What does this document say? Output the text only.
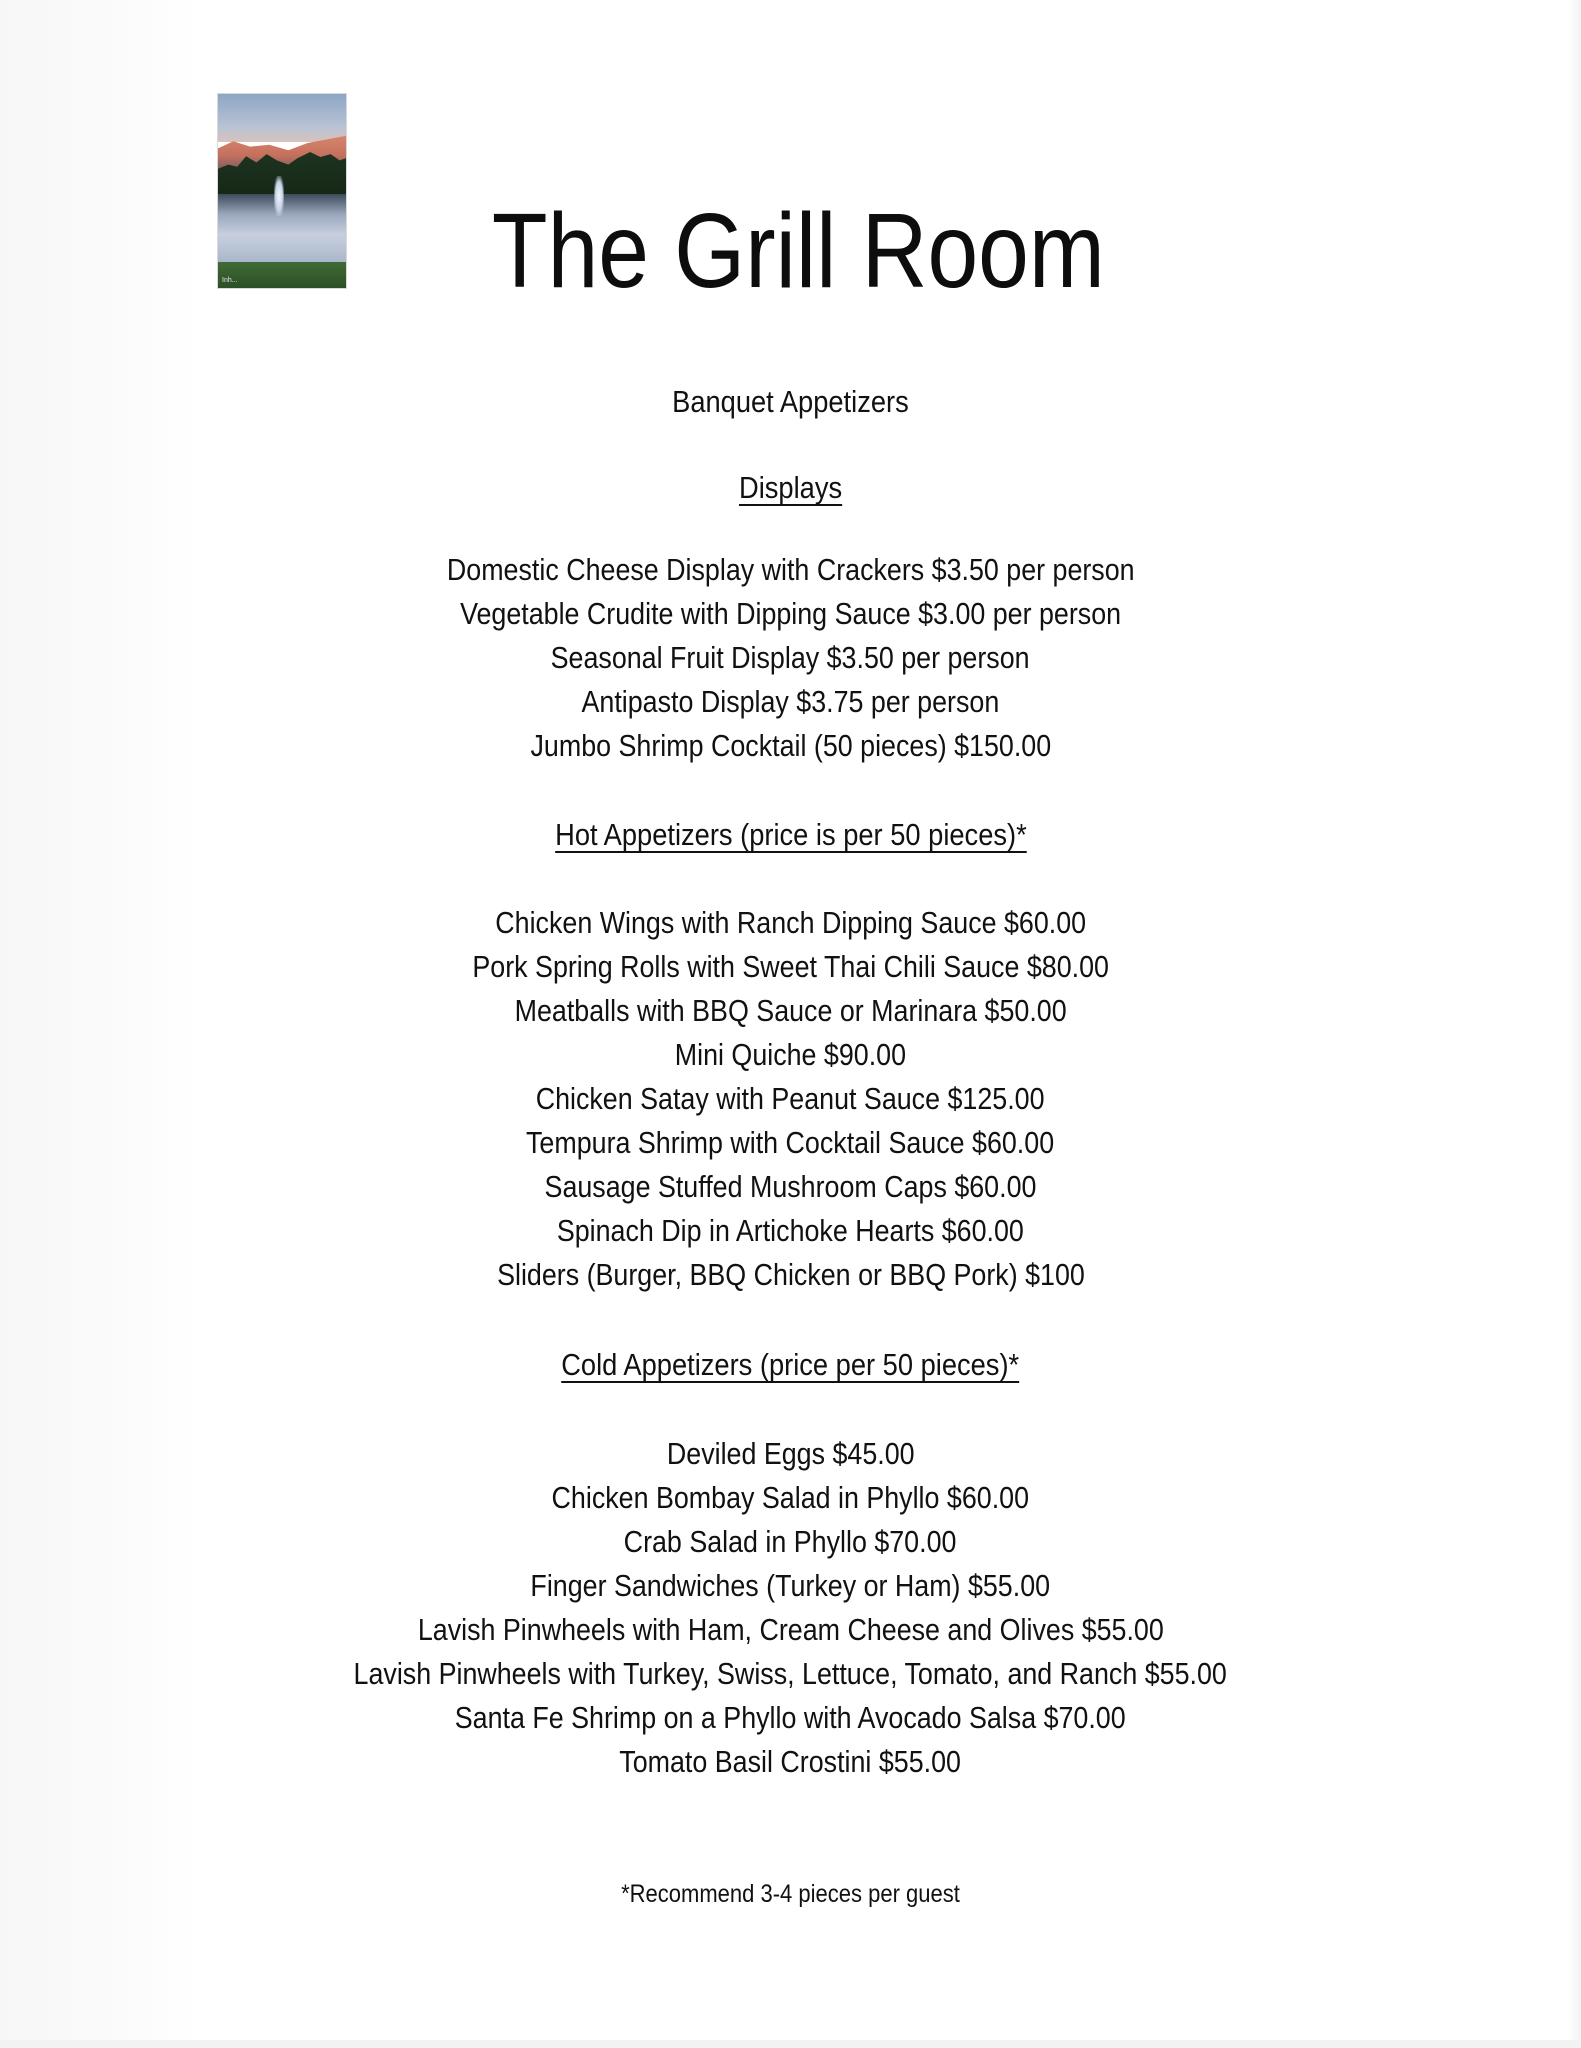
Inh...	The Grill Room
Banquet Appetizers
Displays
Domestic Cheese Display with Crackers $3.50 per person
Vegetable Crudite with Dipping Sauce $3.00 per person
Seasonal Fruit Display $3.50 per person
Antipasto Display $3.75 per person
Jumbo Shrimp Cocktail (50 pieces) $150.00
Hot Appetizers (price is per 50 pieces)*
Chicken Wings with Ranch Dipping Sauce $60.00
Pork Spring Rolls with Sweet Thai Chili Sauce $80.00
Meatballs with BBQ Sauce or Marinara $50.00
Mini Quiche $90.00
Chicken Satay with Peanut Sauce $125.00
Tempura Shrimp with Cocktail Sauce $60.00
Sausage Stuffed Mushroom Caps $60.00
Spinach Dip in Artichoke Hearts $60.00
Sliders (Burger, BBQ Chicken or BBQ Pork) $100
Cold Appetizers (price per 50 pieces)*
Deviled Eggs $45.00
Chicken Bombay Salad in Phyllo $60.00
Crab Salad in Phyllo $70.00
Finger Sandwiches (Turkey or Ham) $55.00
Lavish Pinwheels with Ham, Cream Cheese and Olives $55.00
Lavish Pinwheels with Turkey, Swiss, Lettuce, Tomato, and Ranch $55.00
Santa Fe Shrimp on a Phyllo with Avocado Salsa $70.00
Tomato Basil Crostini $55.00
*Recommend 3-4 pieces per guest
